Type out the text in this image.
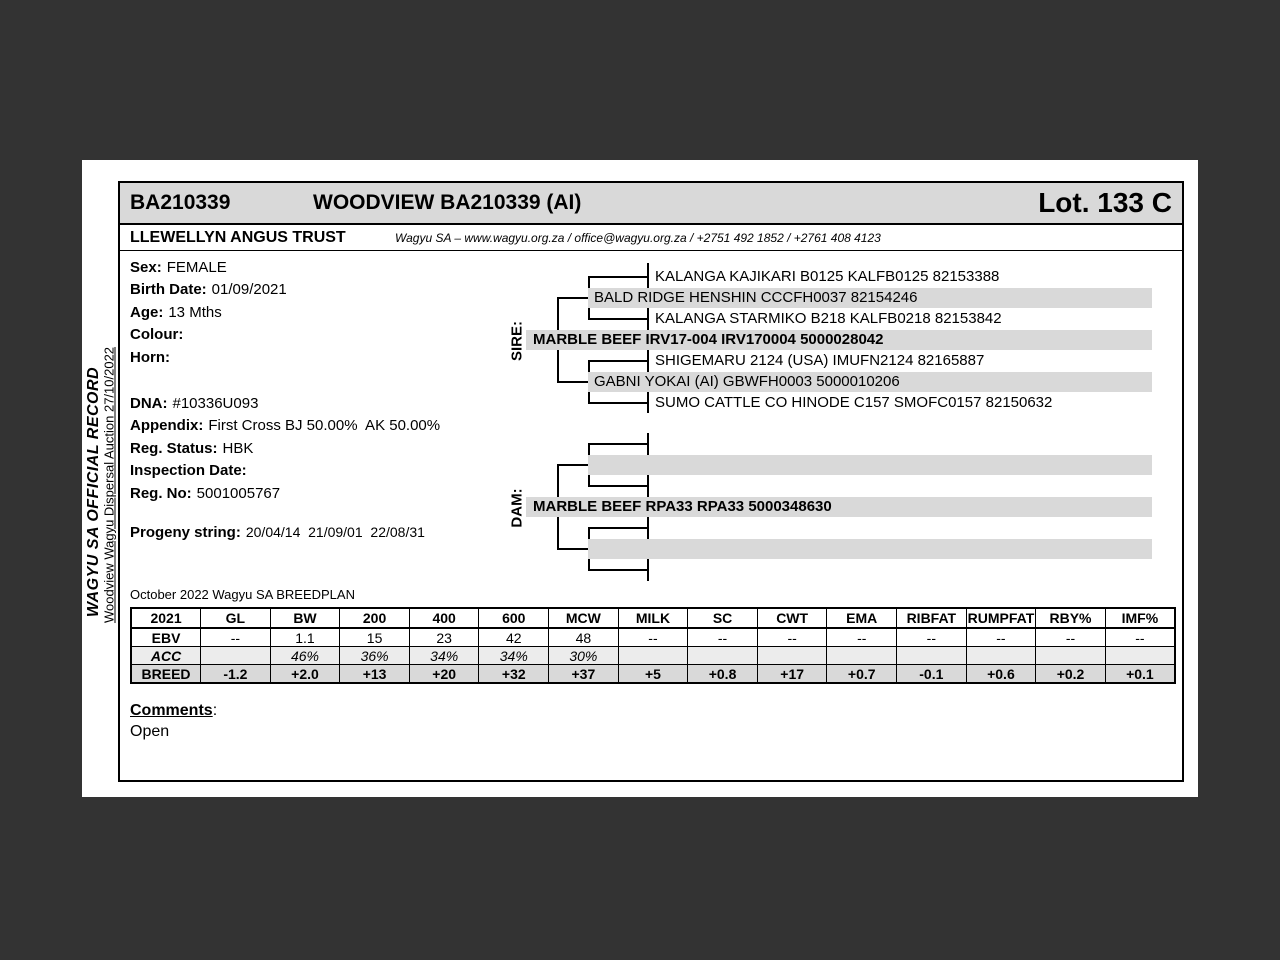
WAGYU SA OFFICIAL RECORD Woodview Wagyu Dispersal Auction 27/10/2022
BA210339	WOODVIEW BA210339 (AI)	Lot. 133 C
LLEWELLYN ANGUS TRUST	Wagyu SA – www.wagyu.org.za / office@wagyu.org.za / +2751 492 1852 / +2761 408 4123
Sex: FEMALE
Birth Date: 01/09/2021
Age: 13 Mths
Colour:
Horn:
DNA: #10336U093
Appendix: First Cross BJ 50.00%  AK 50.00%
Reg. Status: HBK
Inspection Date:
Reg. No: 5001005767
Progeny string: 20/04/14  21/09/01  22/08/31
SIRE:
DAM:
KALANGA KAJIKARI B0125 KALFB0125 82153388
BALD RIDGE HENSHIN CCCFH0037 82154246
KALANGA STARMIKO B218 KALFB0218 82153842
MARBLE BEEF IRV17-004 IRV170004 5000028042
SHIGEMARU 2124 (USA) IMUFN2124 82165887
GABNI YOKAI (AI) GBWFH0003 5000010206
SUMO CATTLE CO HINODE C157 SMOFC0157 82150632
MARBLE BEEF RPA33 RPA33 5000348630
October 2022 Wagyu SA BREEDPLAN
2021	GL	BW	200	400	600	MCW	MILK	SC	CWT	EMA	RIBFAT	RUMPFAT	RBY%	IMF%
EBV	--	1.1	15	23	42	48	--	--	--	--	--	--	--	--
ACC		46%	36%	34%	34%	30%								
BREED	-1.2	+2.0	+13	+20	+32	+37	+5	+0.8	+17	+0.7	-0.1	+0.6	+0.2	+0.1
Comments:
Open
